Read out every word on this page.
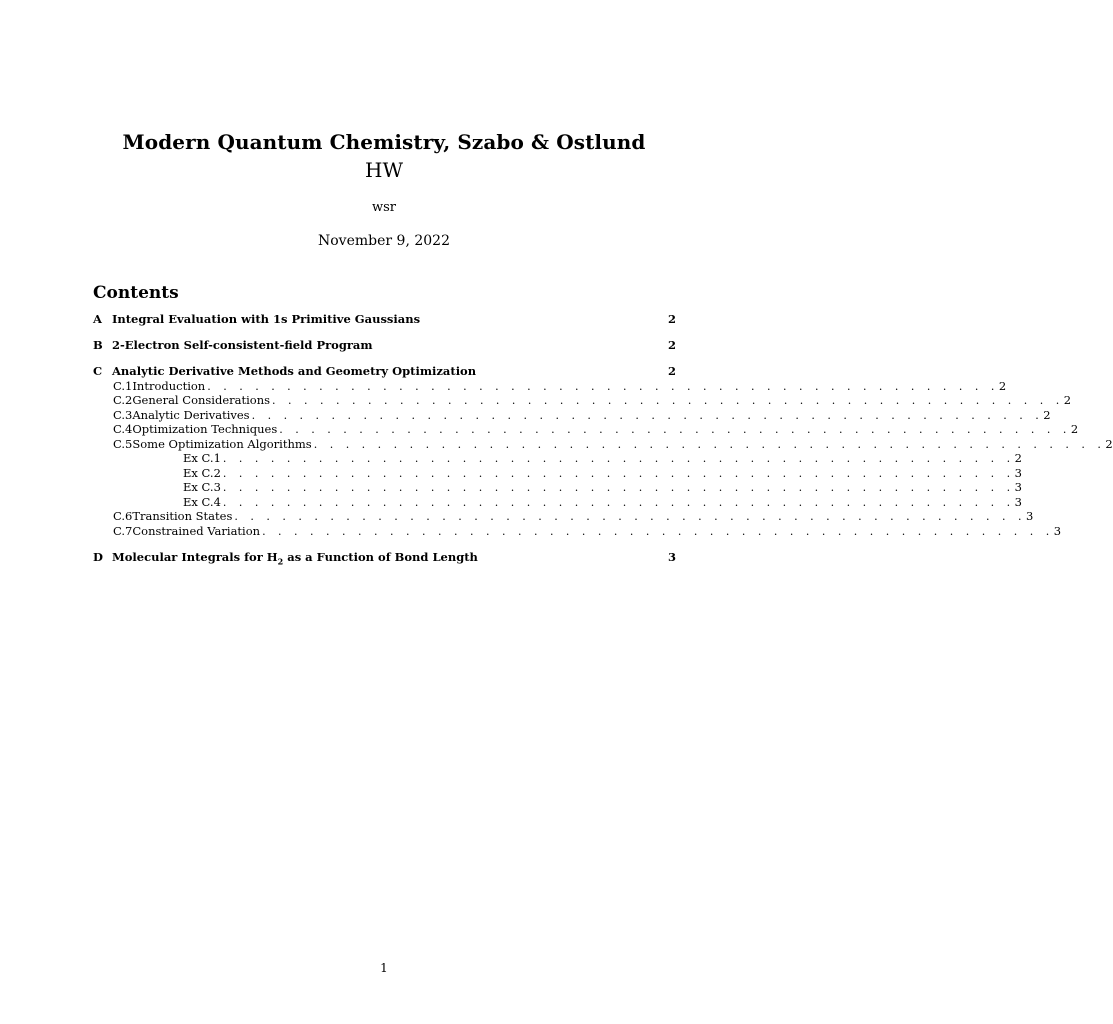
Modern Quantum Chemistry, Szabo & Ostlund
HW
wsr
November 9, 2022
Contents
A Integral Evaluation with 1s Primitive Gaussians	2
B 2-Electron Self-consistent-field Program	2
C Analytic Derivative Methods and Geometry Optimization	2
C.1 Introduction . . . . . . . . . . . . . . . . . . . . . . . . . . . . . . . . . . . . . . . . . . . . . . . . . . 2
C.2 General Considerations . . . . . . . . . . . . . . . . . . . . . . . . . . . . . . . . . . . . . . . . . . . . . . . . . . 2
C.3 Analytic Derivatives . . . . . . . . . . . . . . . . . . . . . . . . . . . . . . . . . . . . . . . . . . . . . . . . . . 2
C.4 Optimization Techniques . . . . . . . . . . . . . . . . . . . . . . . . . . . . . . . . . . . . . . . . . . . . . . . . . . 2
C.5 Some Optimization Algorithms . . . . . . . . . . . . . . . . . . . . . . . . . . . . . . . . . . . . . . . . . . . . . . . . . . 2
Ex C.1 . . . . . . . . . . . . . . . . . . . . . . . . . . . . . . . . . . . . . . . . . . . . . . . . . . 2
Ex C.2 . . . . . . . . . . . . . . . . . . . . . . . . . . . . . . . . . . . . . . . . . . . . . . . . . . 3
Ex C.3 . . . . . . . . . . . . . . . . . . . . . . . . . . . . . . . . . . . . . . . . . . . . . . . . . . 3
Ex C.4 . . . . . . . . . . . . . . . . . . . . . . . . . . . . . . . . . . . . . . . . . . . . . . . . . . 3
C.6 Transition States . . . . . . . . . . . . . . . . . . . . . . . . . . . . . . . . . . . . . . . . . . . . . . . . . . 3
C.7 Constrained Variation . . . . . . . . . . . . . . . . . . . . . . . . . . . . . . . . . . . . . . . . . . . . . . . . . . 3
D Molecular Integrals for $H_2$ as a Function of Bond Length	3
1
